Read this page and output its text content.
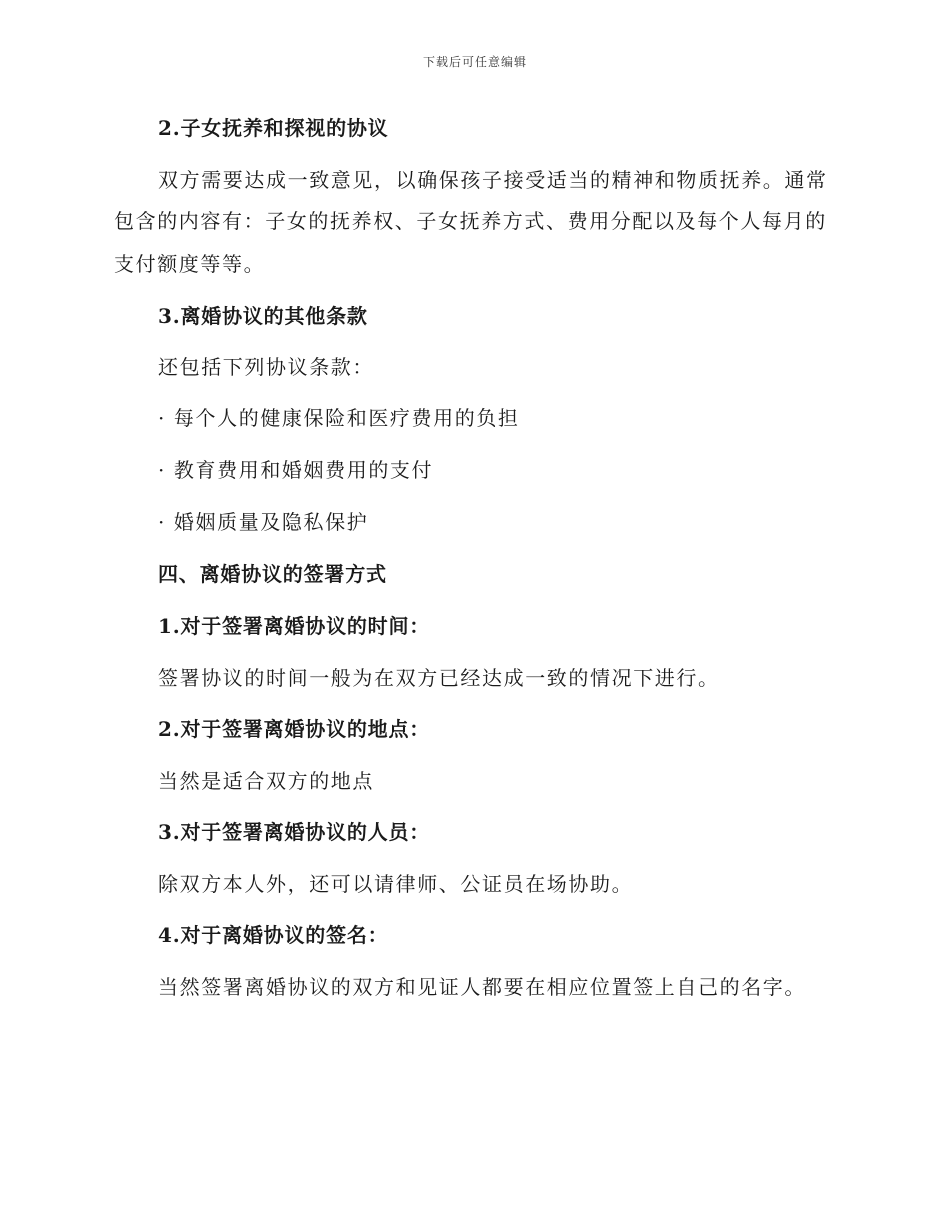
下载后可任意编辑
2.子女抚养和探视的协议
双方需要达成一致意见，以确保孩子接受适当的精神和物质抚养。通常
包含的内容有：子女的抚养权、子女抚养方式、费用分配以及每个人每月的
支付额度等等。
3.离婚协议的其他条款
还包括下列协议条款：
· 每个人的健康保险和医疗费用的负担
· 教育费用和婚姻费用的支付
· 婚姻质量及隐私保护
四、离婚协议的签署方式
1.对于签署离婚协议的时间：
签署协议的时间一般为在双方已经达成一致的情况下进行。
2.对于签署离婚协议的地点：
当然是适合双方的地点
3.对于签署离婚协议的人员：
除双方本人外，还可以请律师、公证员在场协助。
4.对于离婚协议的签名：
当然签署离婚协议的双方和见证人都要在相应位置签上自己的名字。
